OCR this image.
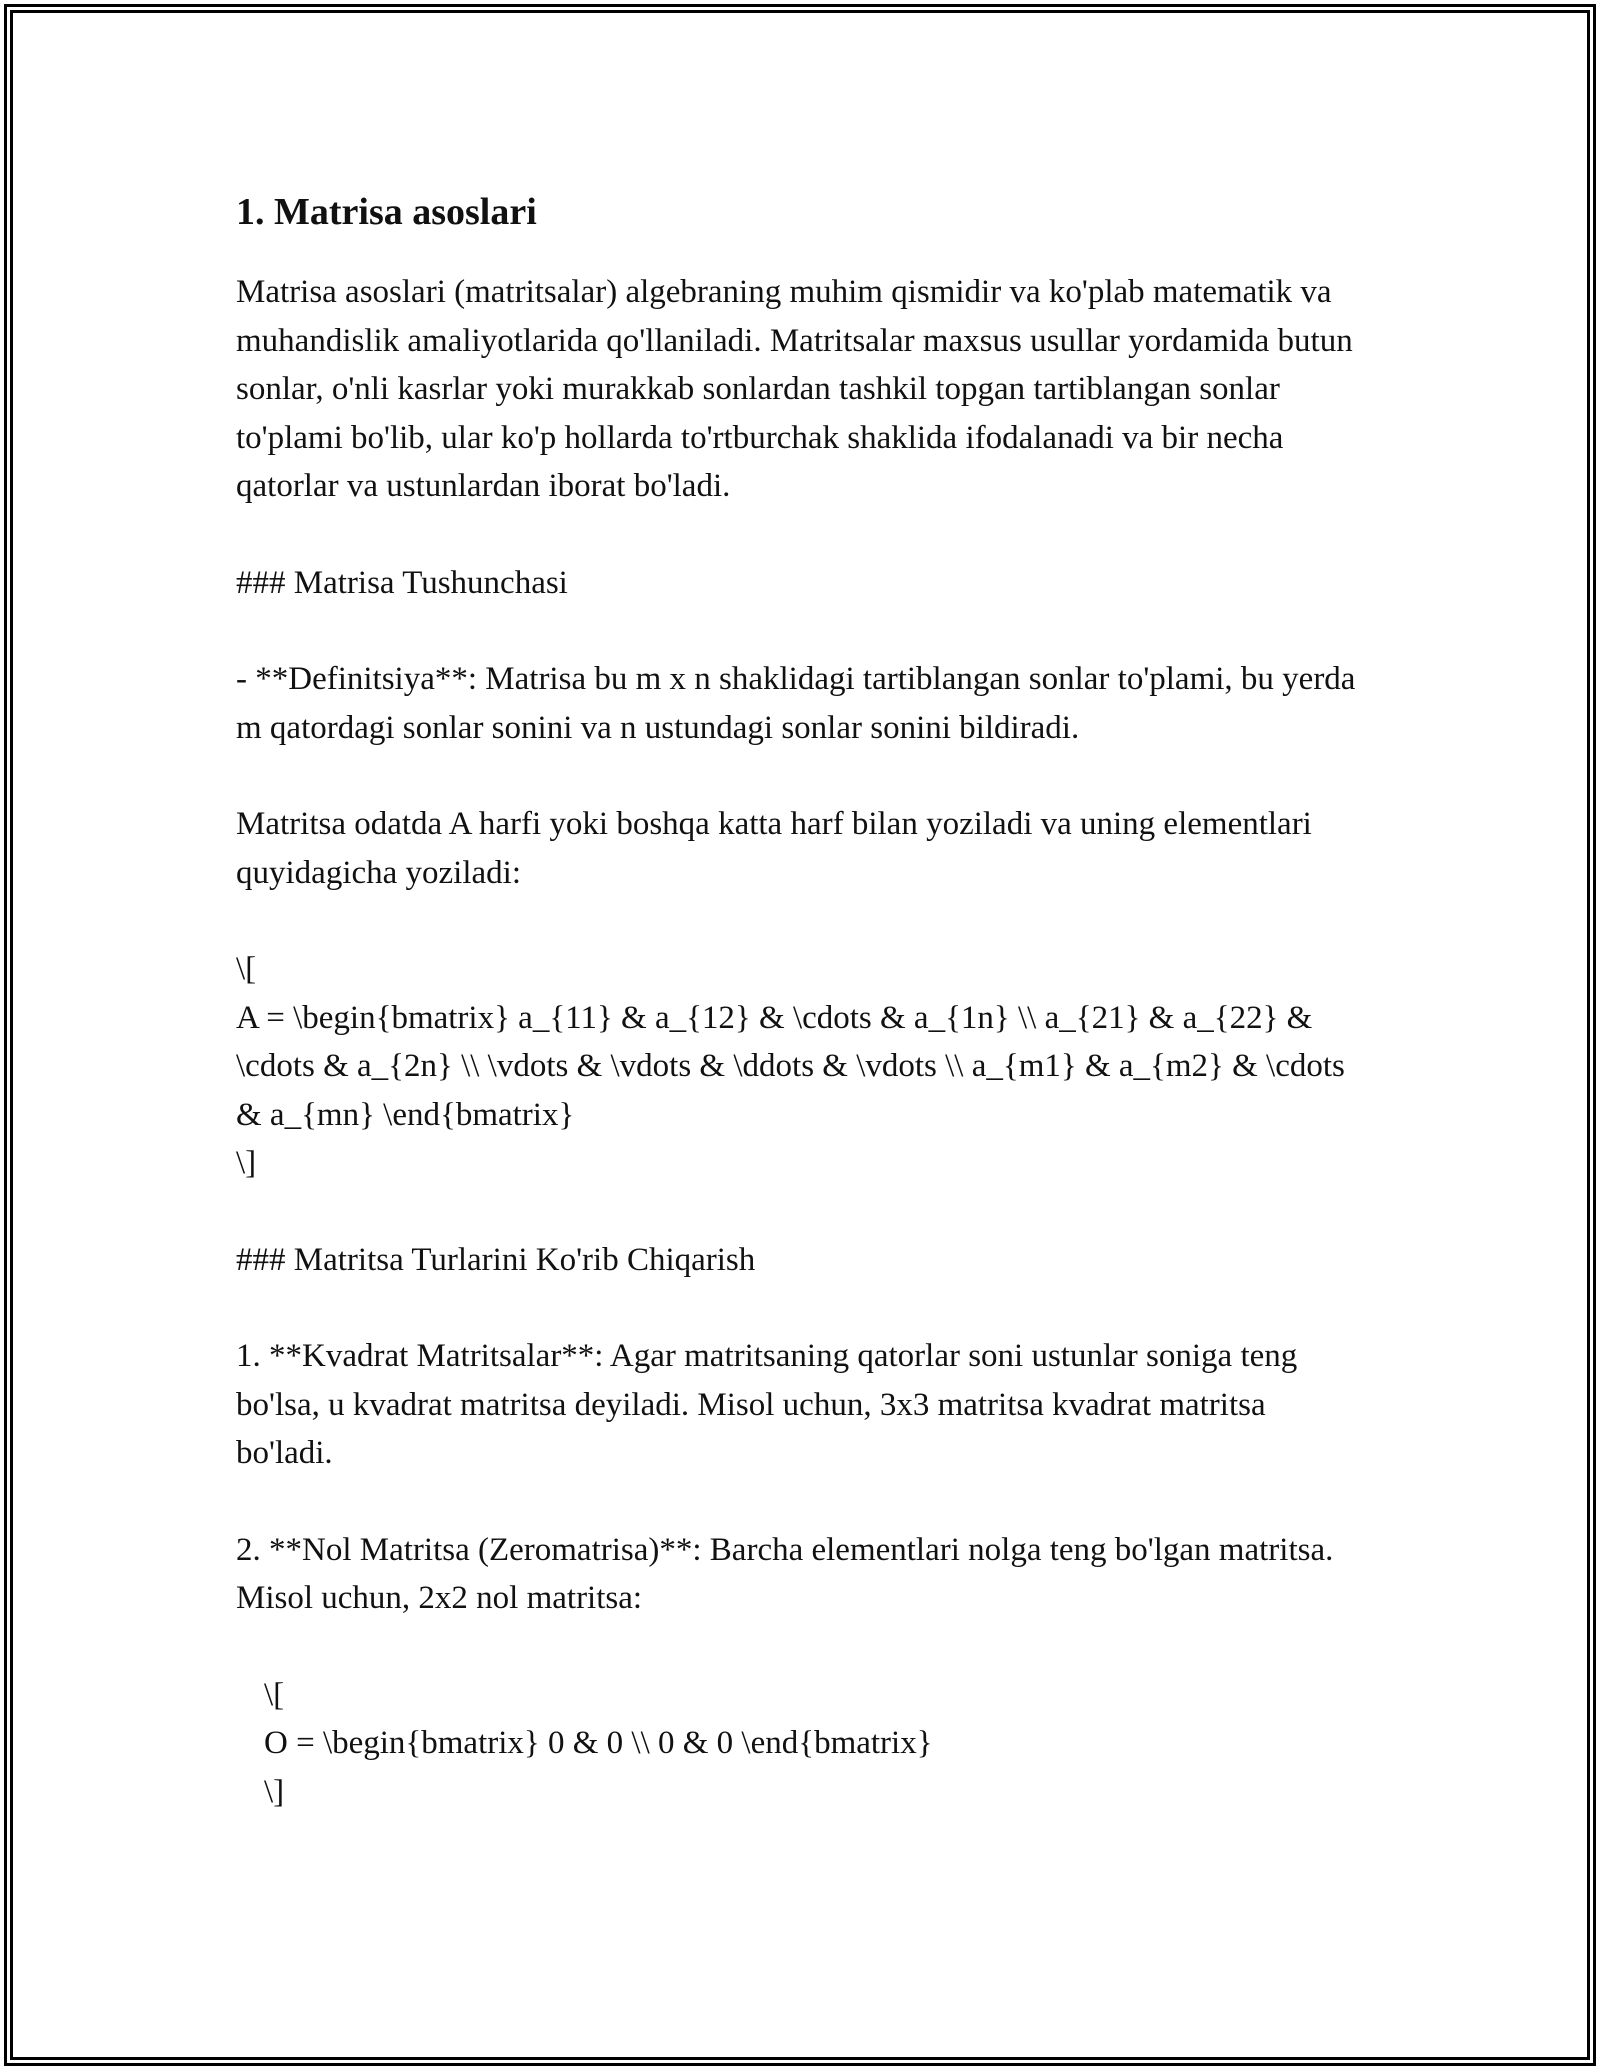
1. Matrisa asoslari

Matrisa asoslari (matritsalar) algebraning muhim qismidir va ko'plab matematik va muhandislik amaliyotlarida qo'llaniladi. Matritsalar maxsus usullar yordamida butun sonlar, o'nli kasrlar yoki murakkab sonlardan tashkil topgan tartiblangan sonlar to'plami bo'lib, ular ko'p hollarda to'rtburchak shaklida ifodalanadi va bir necha qatorlar va ustunlardan iborat bo'ladi.

### Matrisa Tushunchasi

- **Definitsiya**: Matrisa bu m x n shaklidagi tartiblangan sonlar to'plami, bu yerda m qatordagi sonlar sonini va n ustundagi sonlar sonini bildiradi.

Matritsa odatda A harfi yoki boshqa katta harf bilan yoziladi va uning elementlari quyidagicha yoziladi:

\[

A = \begin{bmatrix} a_{11} & a_{12} & \cdots & a_{1n} \\ a_{21} & a_{22} & \cdots & a_{2n} \\ \vdots & \vdots & \ddots & \vdots \\ a_{m1} & a_{m2} & \cdots & a_{mn} \end{bmatrix}

\]

### Matritsa Turlarini Ko'rib Chiqarish

1. **Kvadrat Matritsalar**: Agar matritsaning qatorlar soni ustunlar soniga teng bo'lsa, u kvadrat matritsa deyiladi. Misol uchun, 3x3 matritsa kvadrat matritsa bo'ladi.

2. **Nol Matritsa (Zeromatrisa)**: Barcha elementlari nolga teng bo'lgan matritsa. Misol uchun, 2x2 nol matritsa:

\[

O = \begin{bmatrix} 0 & 0 \\ 0 & 0 \end{bmatrix}

\]
